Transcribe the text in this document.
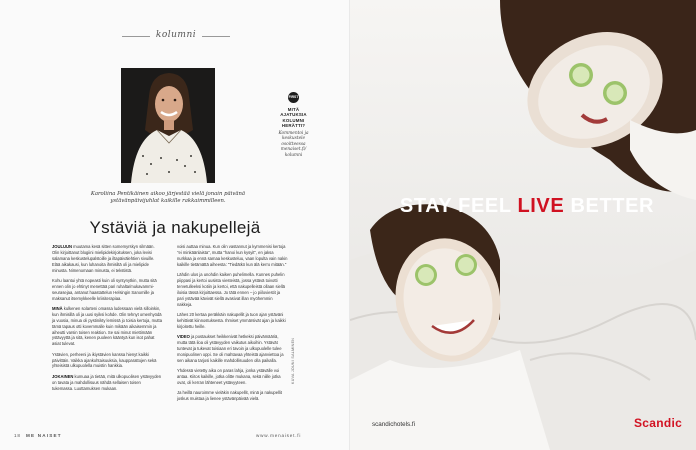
kolumni
Karoliina Pentikäinen aikoo järjestää vielä jonain päivänä ystävänpäivijuhlat kaikille rakkaimmilleen.
FIRST
MITÄ AJATUKSIA KOLUMNI HERÄTTI?
Kommentoi ja keskustele osoitteessa menaiset.fi/ kolumni
Ystäviä ja nakupellejä

JOULUUN muutama kesä sitten somemyrskyn silmään. Olin kirjoittanut blogiini mielipidekirjoituksen, joka levisi salamana keskustelupalstoille ja iltapäivälehtien sivuille. Elää aikakausi, kun luhanoita ihmisiltä oli ja mielipide minusta. Nimenomaan minusta, ei tekstistä.

Kohu laantui yhtä nopeasti kuin oli syntynytkin, mutta sitä ennen olin jo ehtinyt menettää pari ruhalta/mukavammi-seurasejaa, antanut haastattelun Helsingin Sanomille ja maksanut itsemykkeelle kriisiterapiaa.

MINÄ kulkenen solarteni omassa ludessaan vielä silloinkin, kun ihmisillä oli ja uusi syiksi kohde. Olin tehnyt omenhyödä ja vuosia, minua oli pystinikty lemissä jo toisia kertoja, mutta tämä tapaus otti kovemmalle kuin mikään aikaisemmin ja aiheutti varsin toisen reaktion. Se sai minut miettimään ystävyyttä ja sitä, kenen puoleen kääntyä kun isot pahat asiat tulevat.

Ystävien, perheeni ja ikiystävien kanssa hienyt kaikki päivittäin. Vaikka ajankohtaisuuksia, kaupparattojen sekä yhteisistä ulkopuolella muistin hankkia.

JOKAINEN kumuaa ja tietää, mitä ulkopuolisen ystävyyden on tavata ja mahdollisuus nähdä sellaisen toisen tukemassa. Luottamuksen mukaan.

voisi auttaa minua. Kun olin vastannut ja kymmenisi kertoja "ei minkäänlaista", mutta "hanoi kun kysyit", en jaksa nurkkaa ja ennä samaa keskusteluu, vaan lopulta vain nakin kaikille tietämättä aiheesta: "Tiedätkö kun älä kerro mitään."

Lähdin ulos ja unohdin kaiken puhelimella. Kunnes puhelin piippasi ja kertoi uusista viesteistä, jossa ystävä toivotti tervetulleeksi kotiin ja kertoi, että nakupelleistä ollaan siellä iloisia tässä kirjoittaessa. Jo tätä ennen – jo piiloviestit ja pari ystävää kävivät siellä avasivat illan myöhemmin nakkeja.

Lähes 20 kertaa peräkkäin nakupellit ja tuon ajan ystäväni kehittivät kiinnostuksesta. Ihmiset ymmärsivät ajan ja kaikki kirjoitettu heille.

VIDEO ja postaukset heikkenivät hetkeksi päivämääriä, mutta tätä iloa oli ystävyyden vaikutus aikoihin. Ystävät tuntevat ja tukevat toisiaan eri tavoin ja ulkopuolelle tulee monipuolinen oppi. Se oli mahtavaa yhteistä ajanviettoa ja sen aikana tarjosi kaikille mahdollisuuden olla paikalla.

Yhdessä vietetty aika on paras lahja, jonka ystävälle voi antaa. Kiitos kaikille, jotka olitte mukana, sekä niille jotka ovat, oli kerran lähteneet ystävyyteen.

Ja heillä nauroimme vieläkin nakupellit, minä ja nakupellit joskus muistaa ja lienee ystävänpäivää vielä.

KUVA JOUNI SALMINEN
18 ME NAISET	www.menaiset.fi
STAY FEEL LIVE BETTER
scandichotels.fi	Scandic
